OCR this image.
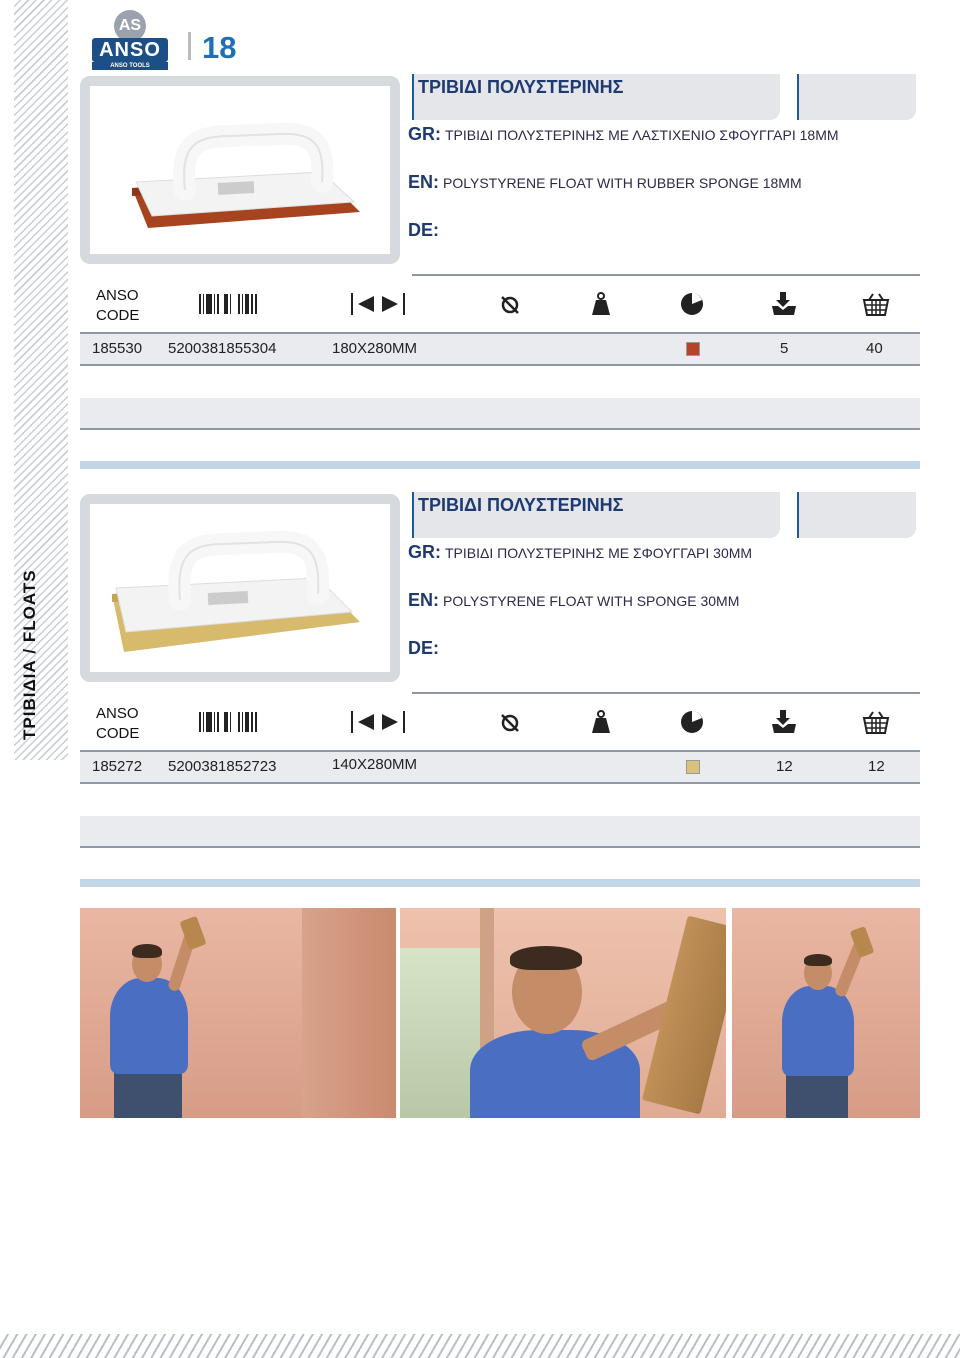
ΤΡΙΒΙΔΙΑ / FLOATS
AS
ANSO
ANSO TOOLS
18
ΤΡΙΒΙΔΙ ΠΟΛΥΣΤΕΡΙΝΗΣ
GR: ΤΡΙΒΙΔΙ ΠΟΛΥΣΤΕΡΙΝΗΣ ΜΕ ΛΑΣΤΙΧΕΝΙΟ ΣΦΟΥΓΓΑΡΙ 18ΜΜ
EN: POLYSTYRENE FLOAT WITH RUBBER SPONGE 18MM
DE:
ANSO
CODE
185530 5200381855304	180X280MM	5	40
ΤΡΙΒΙΔΙ ΠΟΛΥΣΤΕΡΙΝΗΣ
GR: ΤΡΙΒΙΔΙ ΠΟΛΥΣΤΕΡΙΝΗΣ ΜΕ ΣΦΟΥΓΓΑΡΙ 30ΜΜ
EN: POLYSTYRENE FLOAT WITH SPONGE 30MM
DE:
ANSO
CODE
185272 5200381852723	140X280MM	12	12
